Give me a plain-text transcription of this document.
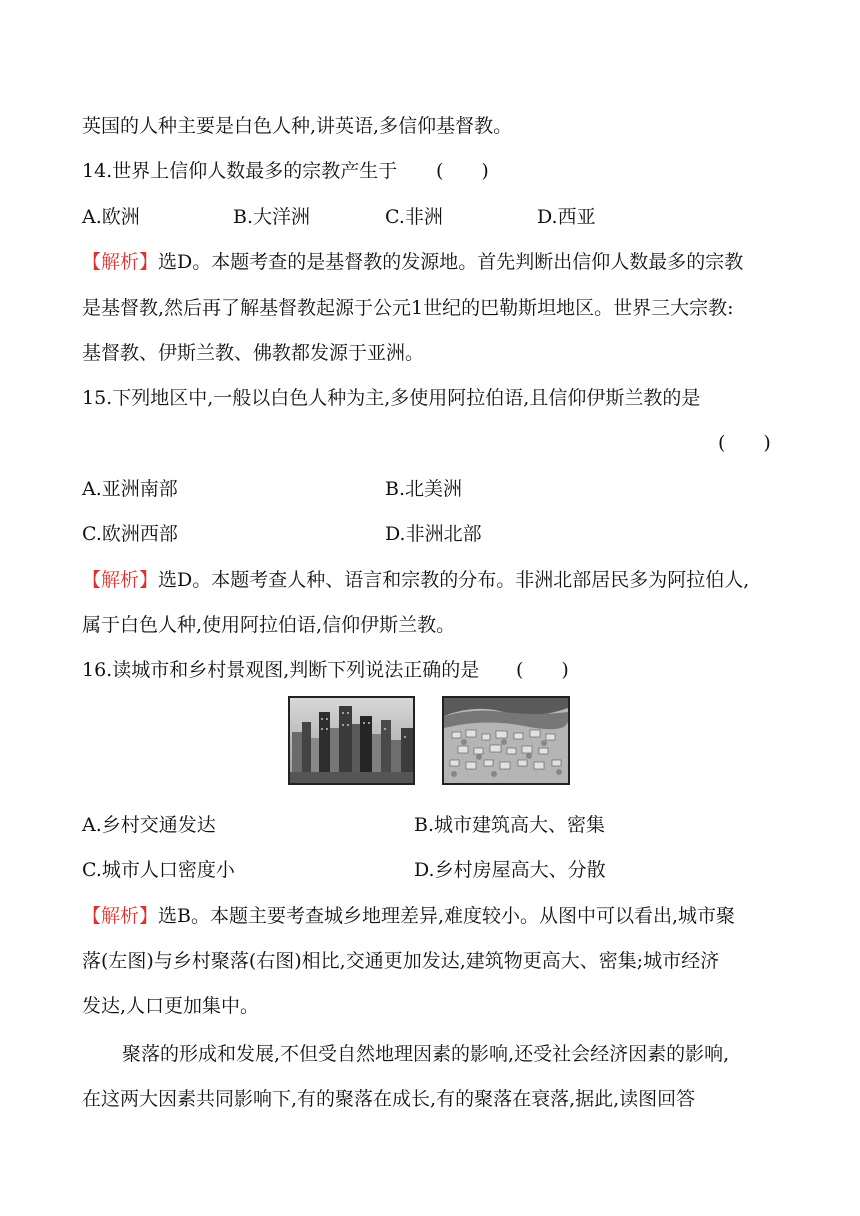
英国的人种主要是白色人种,讲英语,多信仰基督教。
14.世界上信仰人数最多的宗教产生于 (　　)
A.欧洲	B.大洋洲	C.非洲	D.西亚
【解析】选D。本题考查的是基督教的发源地。首先判断出信仰人数最多的宗教
是基督教,然后再了解基督教起源于公元1世纪的巴勒斯坦地区。世界三大宗教:
基督教、伊斯兰教、佛教都发源于亚洲。
15.下列地区中,一般以白色人种为主,多使用阿拉伯语,且信仰伊斯兰教的是
(　　)
A.亚洲南部	B.北美洲
C.欧洲西部	D.非洲北部
【解析】选D。本题考查人种、语言和宗教的分布。非洲北部居民多为阿拉伯人,
属于白色人种,使用阿拉伯语,信仰伊斯兰教。
16.读城市和乡村景观图,判断下列说法正确的是 (　　)
A.乡村交通发达	B.城市建筑高大、密集
C.城市人口密度小	D.乡村房屋高大、分散
【解析】选B。本题主要考查城乡地理差异,难度较小。从图中可以看出,城市聚
落(左图)与乡村聚落(右图)相比,交通更加发达,建筑物更高大、密集;城市经济
发达,人口更加集中。
聚落的形成和发展,不但受自然地理因素的影响,还受社会经济因素的影响,
在这两大因素共同影响下,有的聚落在成长,有的聚落在衰落,据此,读图回答
